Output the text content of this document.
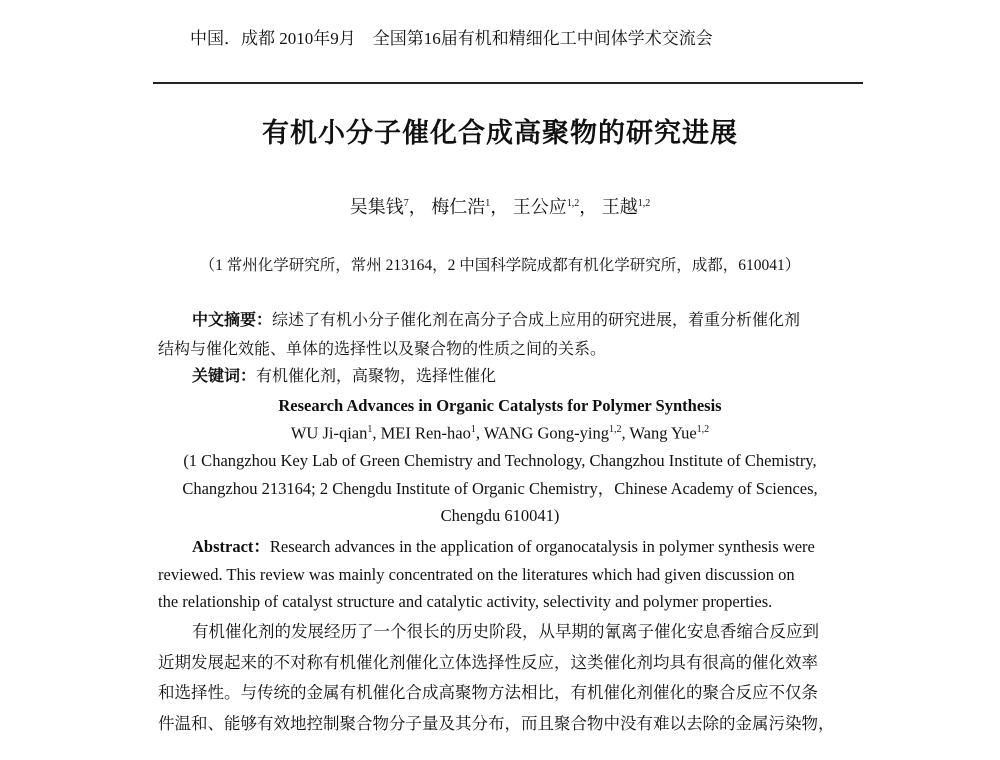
中国．成都 2010年9月　全国第16届有机和精细化工中间体学术交流会
有机小分子催化合成高聚物的研究进展
吴集钱$^7$， 梅仁浩$^1$， 王公应$^{1,2}$， 王越$^{1,2}$
（1 常州化学研究所，常州 213164，2 中国科学院成都有机化学研究所，成都，610041）
中文摘要：综述了有机小分子催化剂在高分子合成上应用的研究进展，着重分析催化剂
结构与催化效能、单体的选择性以及聚合物的性质之间的关系。
关键词：有机催化剂，高聚物，选择性催化
Research Advances in Organic Catalysts for Polymer Synthesis
WU Ji-qian$^1$, MEI Ren-hao$^1$, WANG Gong-ying$^{1,2}$, Wang Yue$^{1,2}$
(1 Changzhou Key Lab of Green Chemistry and Technology, Changzhou Institute of Chemistry,
Changzhou 213164; 2 Chengdu Institute of Organic Chemistry，Chinese Academy of Sciences,
Chengdu 610041)
Abstract：Research advances in the application of organocatalysis in polymer synthesis were
reviewed. This review was mainly concentrated on the literatures which had given discussion on
the relationship of catalyst structure and catalytic activity, selectivity and polymer properties.
有机催化剂的发展经历了一个很长的历史阶段，从早期的氰离子催化安息香缩合反应到
近期发展起来的不对称有机催化剂催化立体选择性反应，这类催化剂均具有很高的催化效率
和选择性。与传统的金属有机催化合成高聚物方法相比，有机催化剂催化的聚合反应不仅条
件温和、能够有效地控制聚合物分子量及其分布，而且聚合物中没有难以去除的金属污染物，
